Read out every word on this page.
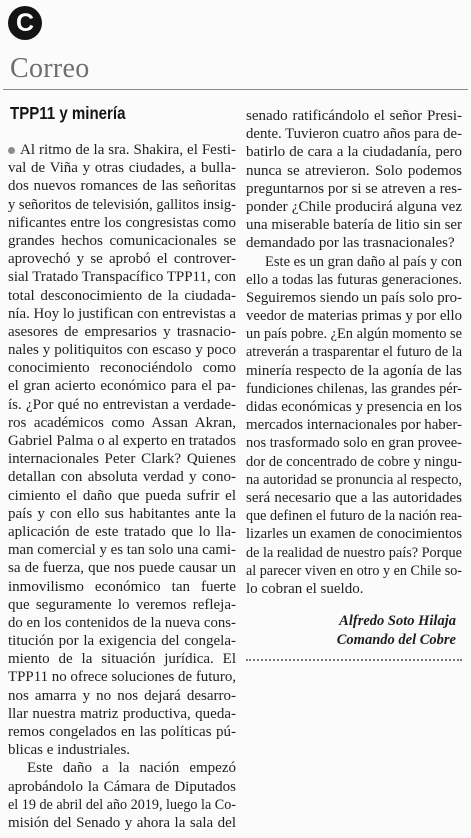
C
Correo
TPP11 y minería
Al ritmo de la sra. Shakira, el Festi-
val de Viña y otras ciudades, a bulla-
dos nuevos romances de las señoritas
y señoritos de televisión, gallitos insig-
nificantes entre los congresistas como
grandes hechos comunicacionales se
aprovechó y se aprobó el controver-
sial Tratado Transpacífico TPP11, con
total desconocimiento de la ciudada-
nía. Hoy lo justifican con entrevistas a
asesores de empresarios y trasnacio-
nales y politiquitos con escaso y poco
conocimiento reconociéndolo como
el gran acierto económico para el pa-
ís. ¿Por qué no entrevistan a verdade-
ros académicos como Assan Akran,
Gabriel Palma o al experto en tratados
internacionales Peter Clark? Quienes
detallan con absoluta verdad y cono-
cimiento el daño que pueda sufrir el
país y con ello sus habitantes ante la
aplicación de este tratado que lo lla-
man comercial y es tan solo una cami-
sa de fuerza, que nos puede causar un
inmovilismo económico tan fuerte
que seguramente lo veremos refleja-
do en los contenidos de la nueva cons-
titución por la exigencia del congela-
miento de la situación jurídica. El
TPP11 no ofrece soluciones de futuro,
nos amarra y no nos dejará desarro-
llar nuestra matriz productiva, queda-
remos congelados en las políticas pú-
blicas e industriales.
Este daño a la nación empezó
aprobándolo la Cámara de Diputados
el 19 de abril del año 2019, luego la Co-
misión del Senado y ahora la sala del
senado ratificándolo el señor Presi-
dente. Tuvieron cuatro años para de-
batirlo de cara a la ciudadanía, pero
nunca se atrevieron. Solo podemos
preguntarnos por si se atreven a res-
ponder ¿Chile producirá alguna vez
una miserable batería de litio sin ser
demandado por las trasnacionales?
Este es un gran daño al país y con
ello a todas las futuras generaciones.
Seguiremos siendo un país solo pro-
veedor de materias primas y por ello
un país pobre. ¿En algún momento se
atreverán a trasparentar el futuro de la
minería respecto de la agonía de las
fundiciones chilenas, las grandes pér-
didas económicas y presencia en los
mercados internacionales por haber-
nos trasformado solo en gran provee-
dor de concentrado de cobre y ningu-
na autoridad se pronuncia al respecto,
será necesario que a las autoridades
que definen el futuro de la nación rea-
lizarles un examen de conocimientos
de la realidad de nuestro país? Porque
al parecer viven en otro y en Chile so-
lo cobran el sueldo.
Alfredo Soto Hilaja
Comando del Cobre
